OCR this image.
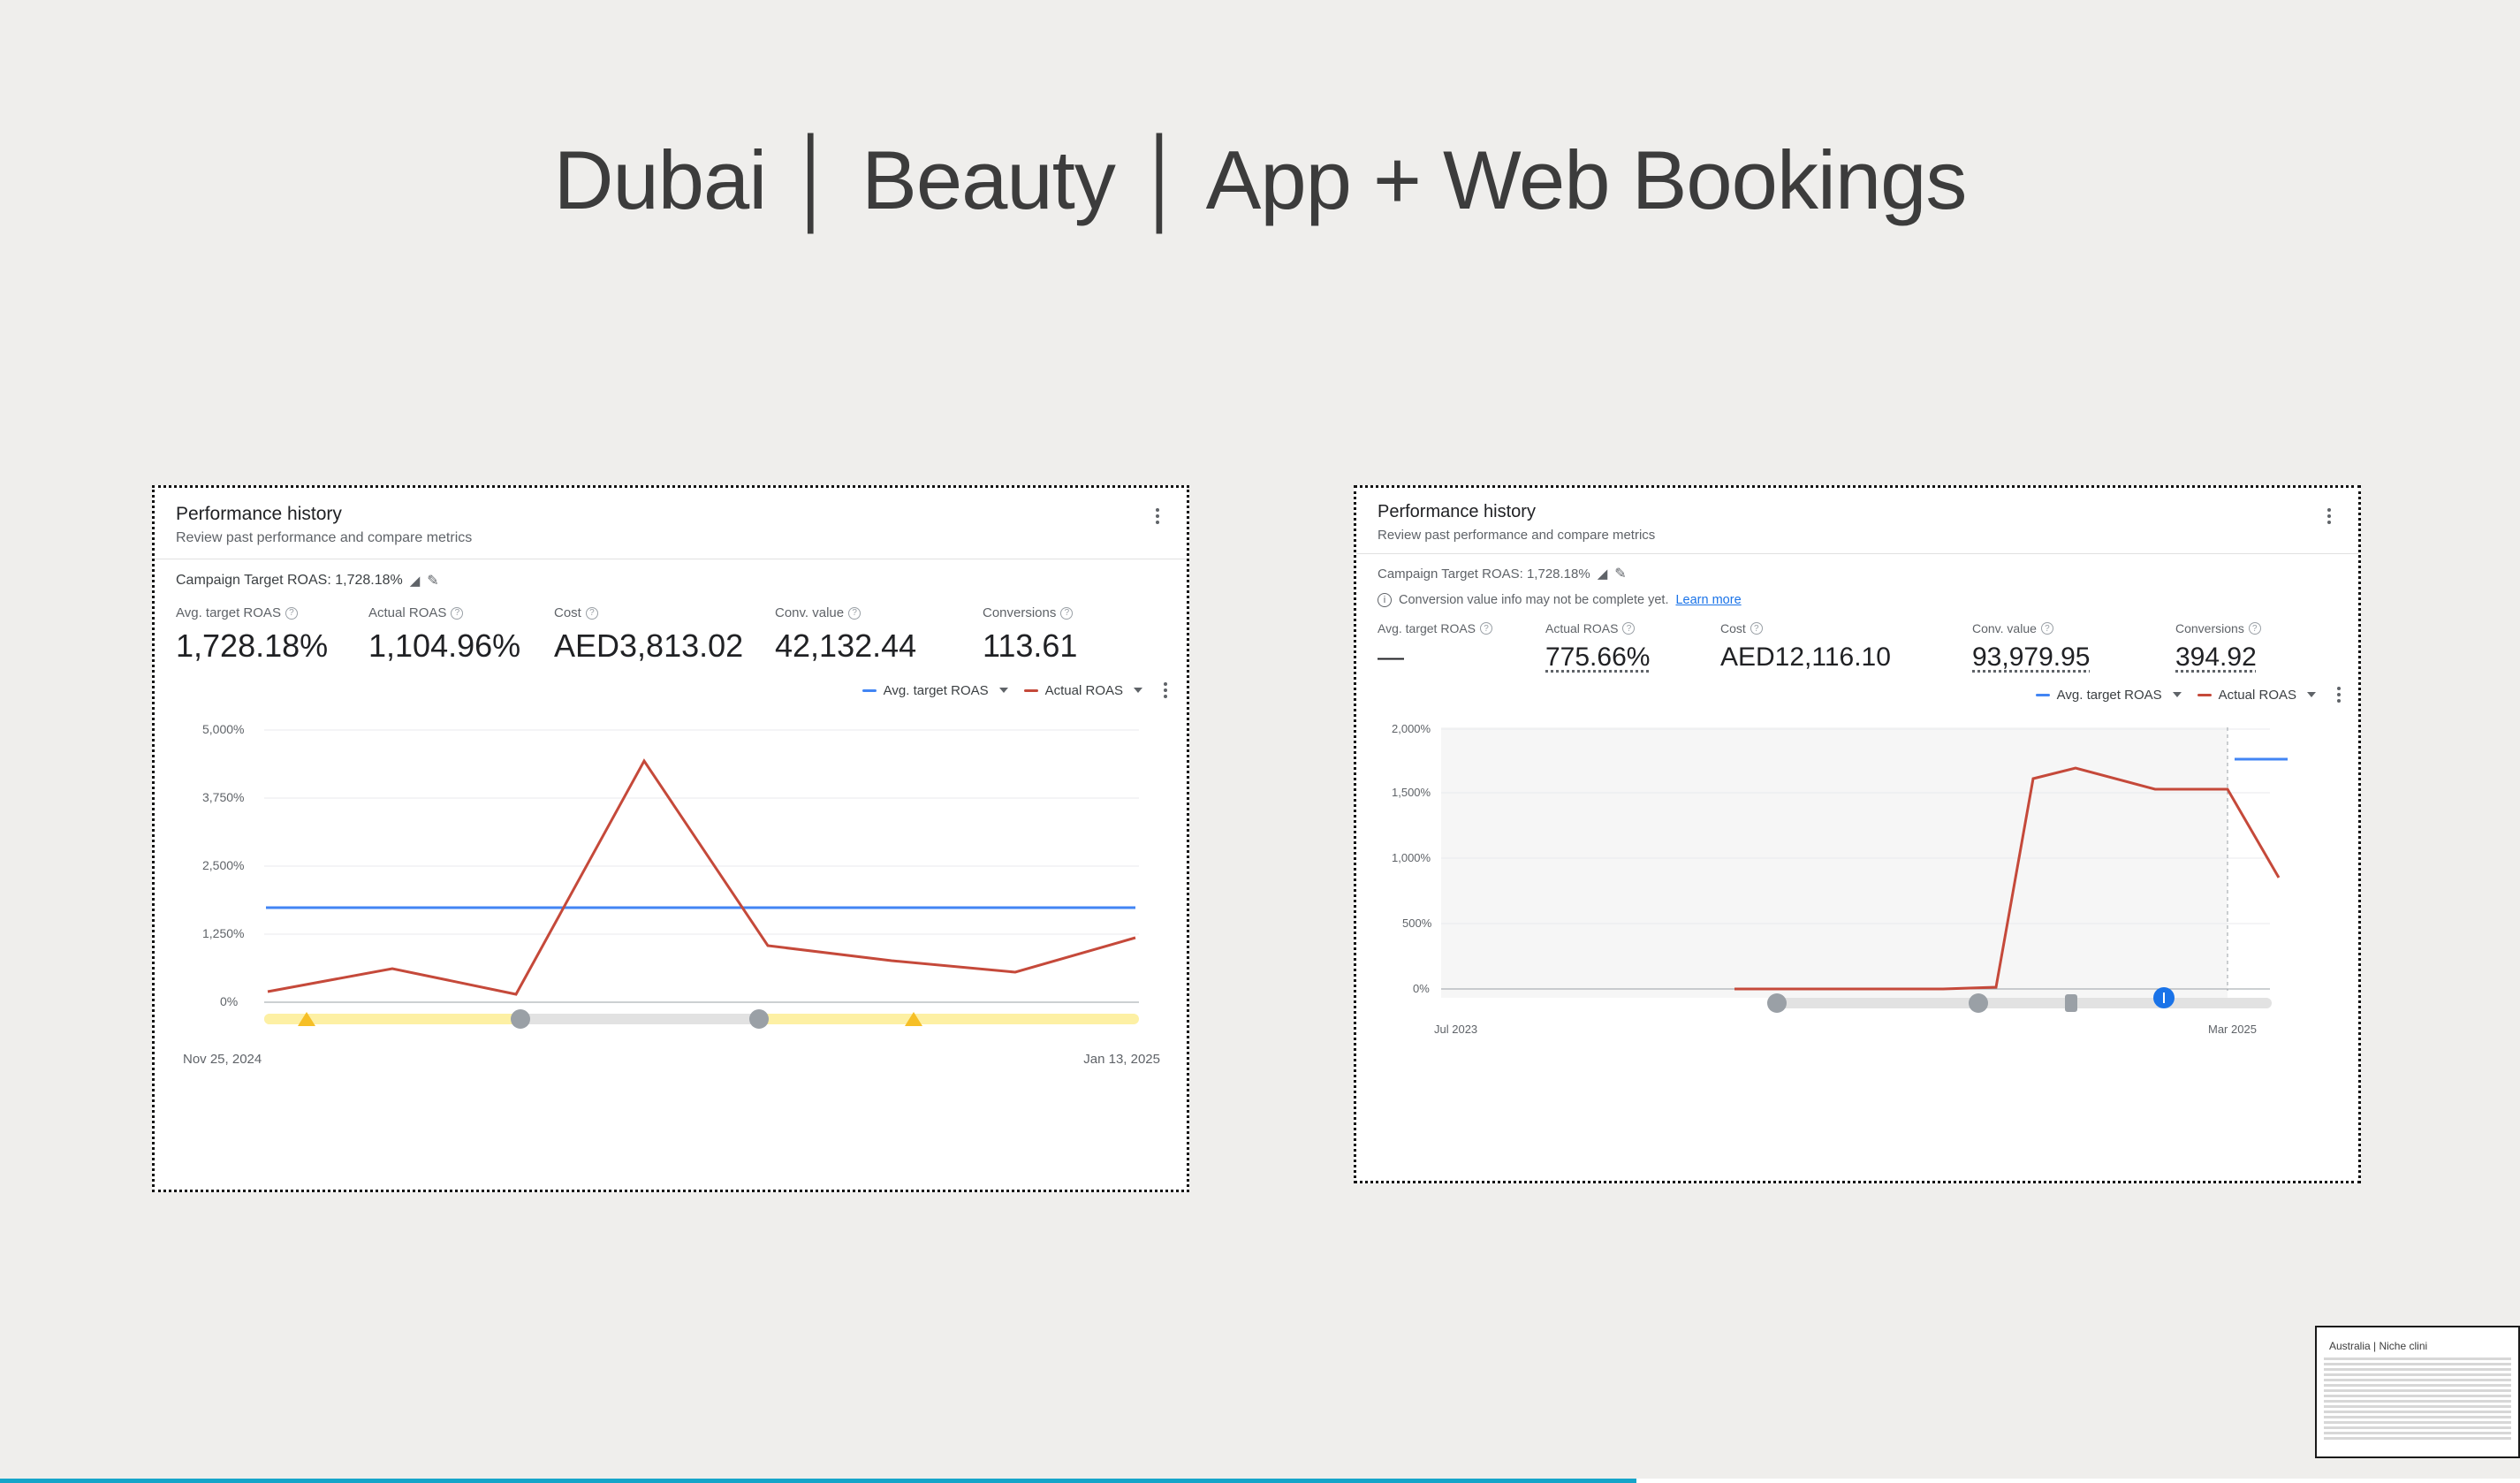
Dubai │ Beauty │ App + Web Bookings
Performance history
Review past performance and compare metrics
Campaign Target ROAS: 1,728.18% ◢ ✎
Avg. target ROAS ?
1,728.18%
Actual ROAS ?
1,104.96%
Cost ?
AED3,813.02
Conv. value ?
42,132.44
Conversions ?
113.61
Avg. target ROAS	Actual ROAS
5,000%
3,750%
2,500%
1,250%
0%
Nov 25, 2024	Jan 13, 2025
Performance history
Review past performance and compare metrics
Campaign Target ROAS: 1,728.18% ◢ ✎
i	Conversion value info may not be complete yet. Learn more
Avg. target ROAS ?
—
Actual ROAS ?
775.66%
Cost ?
AED12,116.10
Conv. value ?
93,979.95
Conversions ?
394.92
Avg. target ROAS	Actual ROAS
2,000%
1,500%
1,000%
500%
0%
Jul 2023	Mar 2025
Australia | Niche clini
